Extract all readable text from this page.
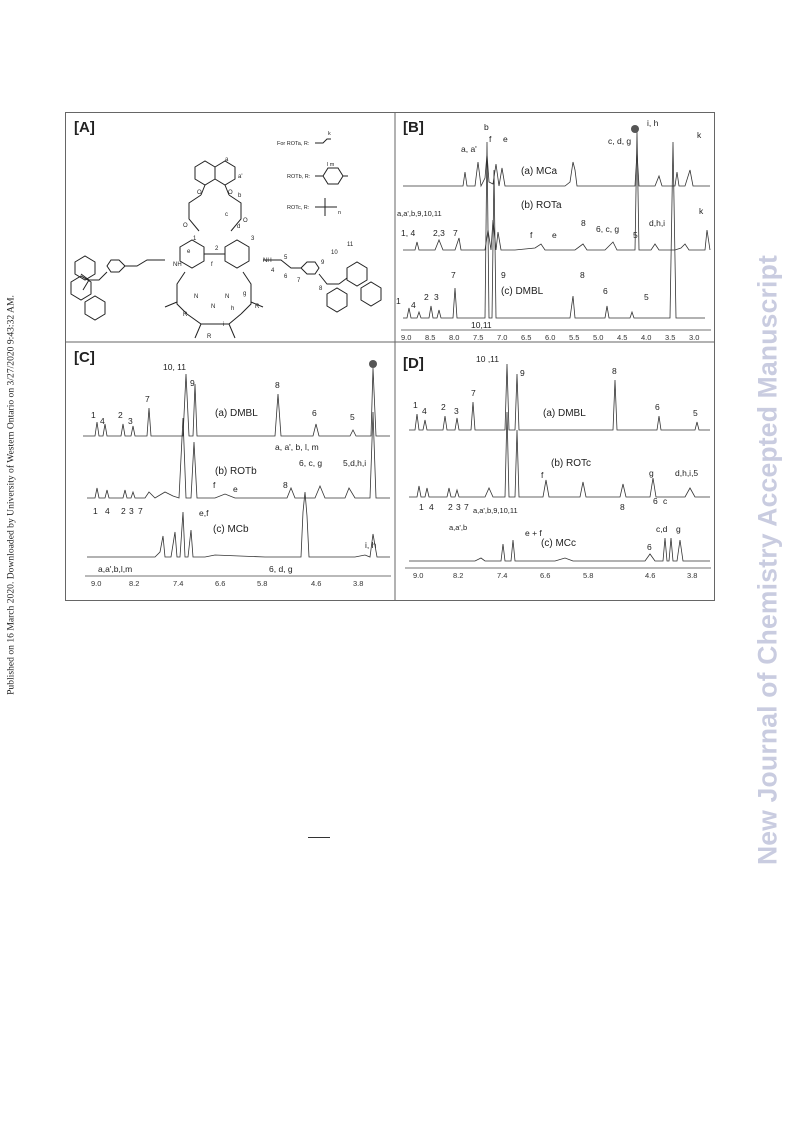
Published on 16 March 2020. Downloaded by University of Western Ontario on 3/27/2020 9:43:32 AM.	New Journal of Chemistry Accepted Manuscript
[A]
For ROTa, R:
k
ROTb, R:
l m
ROTc, R:
n
a
a'
b
c
d
e
f
g
h
i
1
2
3
4
5
6
7
8
9
10
11
R
R
R
NH
NH
N
N
N
O	O
O
O
[B]
(a) MCa
(b) ROTa
(c) DMBL
a, a'
b
f e	c, d, g
i, h
k
a,a',b,9,10,11
1, 4 2,3 7	f e
8
6, c, g
5
d,h,i
k
1 4
2 3
7	9	8
6
5
10,11
9.0 8.5 8.0 7.5 7.0 6.5 6.0 5.5 5.0 4.5 4.0 3.5 3.0
[C]
(a) DMBL
(b) ROTb
(c) MCb
10, 11
9	8
6	5
1
4
2
3
7
a, a', b, l, m
f e	8
6, c, g 5,d,h,i
1 4 2 3 7	e,f
i, h
a,a',b,l,m	6, d, g
9.0	8.2	7.4	6.6	5.8	4.6	3.8
[D]
(a) DMBL
(b) ROTc
(c) MCc
10 ,11
9	8
7
6
5
1
4 2 3
f	g	d,h,i,5
1 4 2 3 7 a,a',b,9,10,11	8
6 c
a,a',b
e + f	c,d g
6
9.0	8.2	7.4	6.6	5.8	4.6	3.8
